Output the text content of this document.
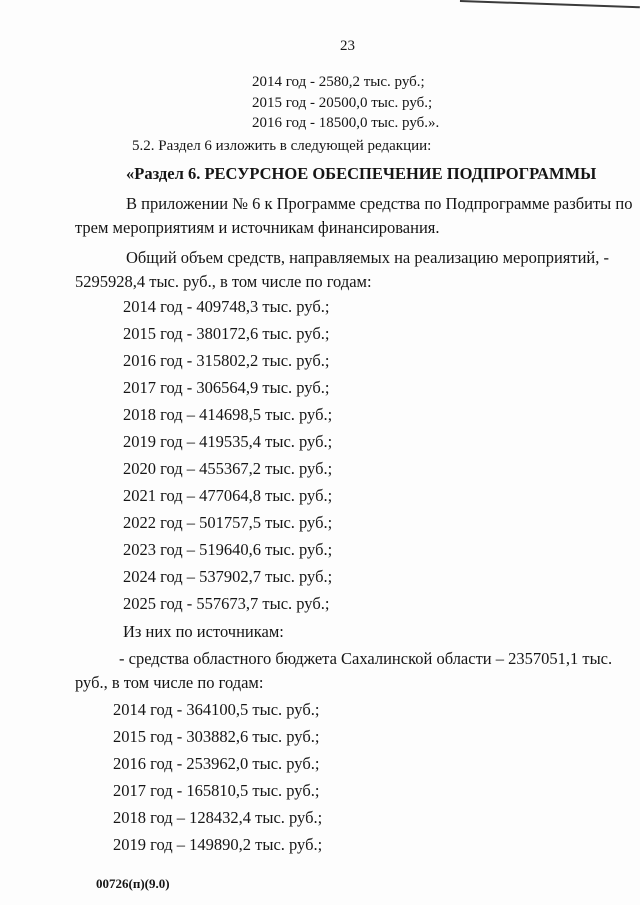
23
2014 год - 2580,2 тыс. руб.;
2015 год - 20500,0 тыс. руб.;
2016 год - 18500,0 тыс. руб.».
5.2. Раздел 6 изложить в следующей редакции:
«Раздел 6. РЕСУРСНОЕ ОБЕСПЕЧЕНИЕ ПОДПРОГРАММЫ
В приложении № 6 к Программе средства по Подпрограмме разбиты по
трем мероприятиям и источникам финансирования.
Общий объем средств, направляемых на реализацию мероприятий, -
5295928,4 тыс. руб., в том числе по годам:
2014 год - 409748,3 тыс. руб.;
2015 год - 380172,6 тыс. руб.;
2016 год - 315802,2 тыс. руб.;
2017 год - 306564,9 тыс. руб.;
2018 год – 414698,5 тыс. руб.;
2019 год – 419535,4 тыс. руб.;
2020 год – 455367,2 тыс. руб.;
2021 год – 477064,8 тыс. руб.;
2022 год – 501757,5 тыс. руб.;
2023 год – 519640,6 тыс. руб.;
2024 год – 537902,7 тыс. руб.;
2025 год - 557673,7 тыс. руб.;
Из них по источникам:
- средства областного бюджета Сахалинской области – 2357051,1 тыс.
руб., в том числе по годам:
2014 год - 364100,5 тыс. руб.;
2015 год - 303882,6 тыс. руб.;
2016 год - 253962,0 тыс. руб.;
2017 год - 165810,5 тыс. руб.;
2018 год – 128432,4 тыс. руб.;
2019 год – 149890,2 тыс. руб.;
00726(п)(9.0)
